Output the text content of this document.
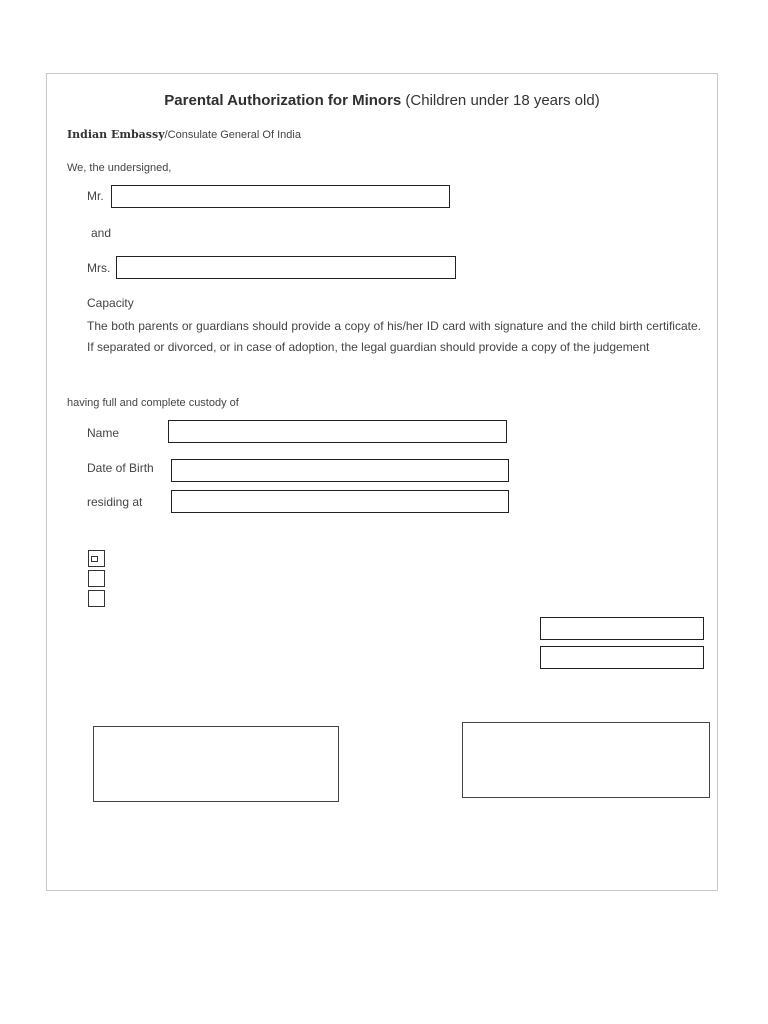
Parental Authorization for Minors (Children under 18 years old)
Indian Embassy/Consulate General Of India
We, the undersigned,
Mr.
and
Mrs.
Capacity
The both parents or guardians should provide a copy of his/her ID card with signature and the child birth certificate. If separated or divorced, or in case of adoption, the legal guardian should provide a copy of the judgement
having full and complete custody of
Name
Date of Birth
residing at
